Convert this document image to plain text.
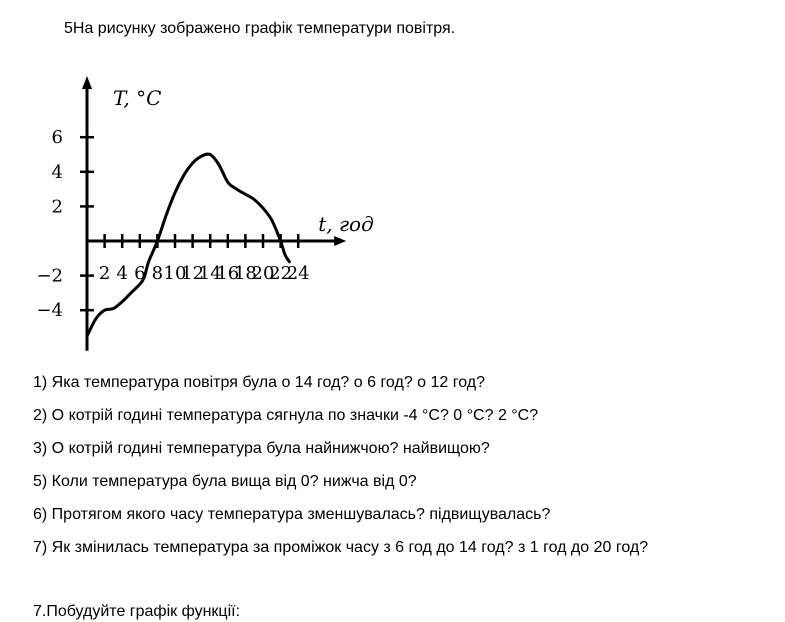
5На рисунку зображено графік температури повітря.
2 4 6 8 10
12
14
16
18
20
22
24
−4
−2
2
4
6
T, °C
t, год
1) Яка температура повітря була о 14 год? о 6 год? о 12 год?
2) О котрій годині температура сягнула по значки -4 °C? 0 °C? 2 °C?
3) О котрій годині температура була найнижчою? найвищою?
5) Коли температура була вища від 0? нижча від 0?
6) Протягом якого часу температура зменшувалась? підвищувалась?
7) Як змінилась температура за проміжок часу з 6 год до 14 год? з 1 год до 20 год?
7.Побудуйте графік функції:
